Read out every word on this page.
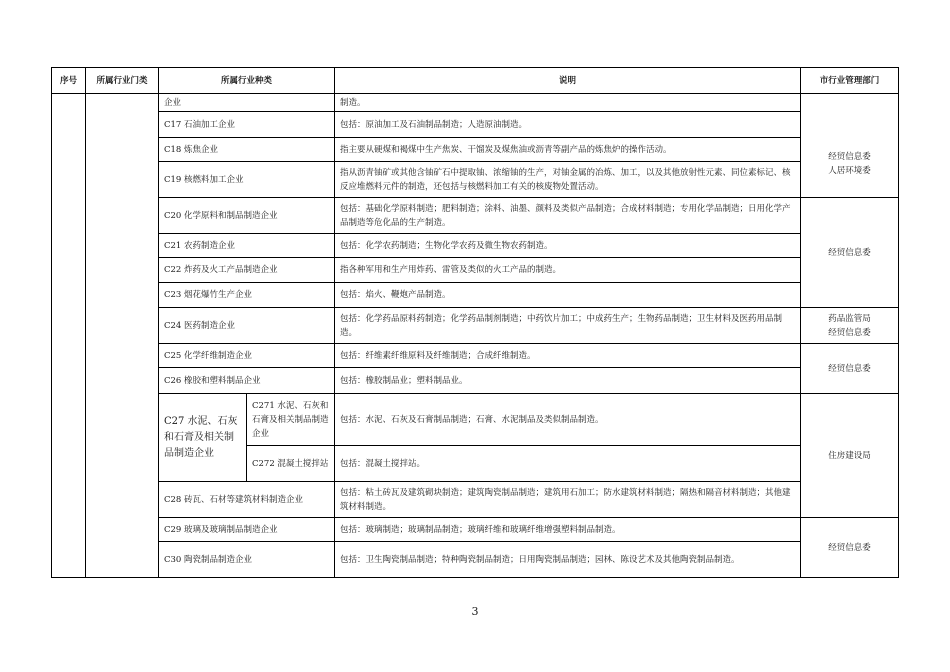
序号	所属行业门类	所属行业种类		说明	市行业管理部门
		企业		制造。	经贸信息委
人居环境委
		C17 石油加工企业		包括：原油加工及石油制品制造；人造原油制造。	
		C18 炼焦企业		指主要从硬煤和褐煤中生产焦炭、干馏炭及煤焦油或沥青等副产品的炼焦炉的操作活动。	
		C19 核燃料加工企业		指从沥青铀矿或其他含铀矿石中提取铀、浓缩铀的生产，对铀金属的冶炼、加工，以及其他放射性元素、同位素标记、核反应堆燃料元件的制造，还包括与核燃料加工有关的核废物处置活动。	
		C20 化学原料和制品制造企业		包括：基础化学原料制造；肥料制造；涂料、油墨、颜料及类似产品制造；合成材料制造；专用化学品制造；日用化学产品制造等危化品的生产制造。	经贸信息委
		C21 农药制造企业		包括：化学农药制造；生物化学农药及微生物农药制造。	
		C22 炸药及火工产品制造企业		指各种军用和生产用炸药、雷管及类似的火工产品的制造。	
		C23 烟花爆竹生产企业		包括：焰火、鞭炮产品制造。	
		C24 医药制造企业		包括：化学药品原料药制造；化学药品制剂制造；中药饮片加工；中成药生产；生物药品制造；卫生材料及医药用品制造。	药品监管局
经贸信息委
		C25 化学纤维制造企业		包括：纤维素纤维原料及纤维制造；合成纤维制造。	经贸信息委
		C26 橡胶和塑料制品企业		包括：橡胶制品业；塑料制品业。	
		C27 水泥、石灰和石膏及相关制品制造企业	C271 水泥、石灰和石膏及相关制品制造企业	包括：水泥、石灰及石膏制品制造；石膏、水泥制品及类似制品制造。	住房建设局
			C272 混凝土搅拌站	包括：混凝土搅拌站。	
		C28 砖瓦、石材等建筑材料制造企业		包括：粘土砖瓦及建筑砌块制造；建筑陶瓷制品制造；建筑用石加工；防水建筑材料制造；隔热和隔音材料制造；其他建筑材料制造。	
		C29 玻璃及玻璃制品制造企业		包括：玻璃制造；玻璃制品制造；玻璃纤维和玻璃纤维增强塑料制品制造。	经贸信息委
		C30 陶瓷制品制造企业		包括：卫生陶瓷制品制造；特种陶瓷制品制造；日用陶瓷制品制造；园林、陈设艺术及其他陶瓷制品制造。	
3
